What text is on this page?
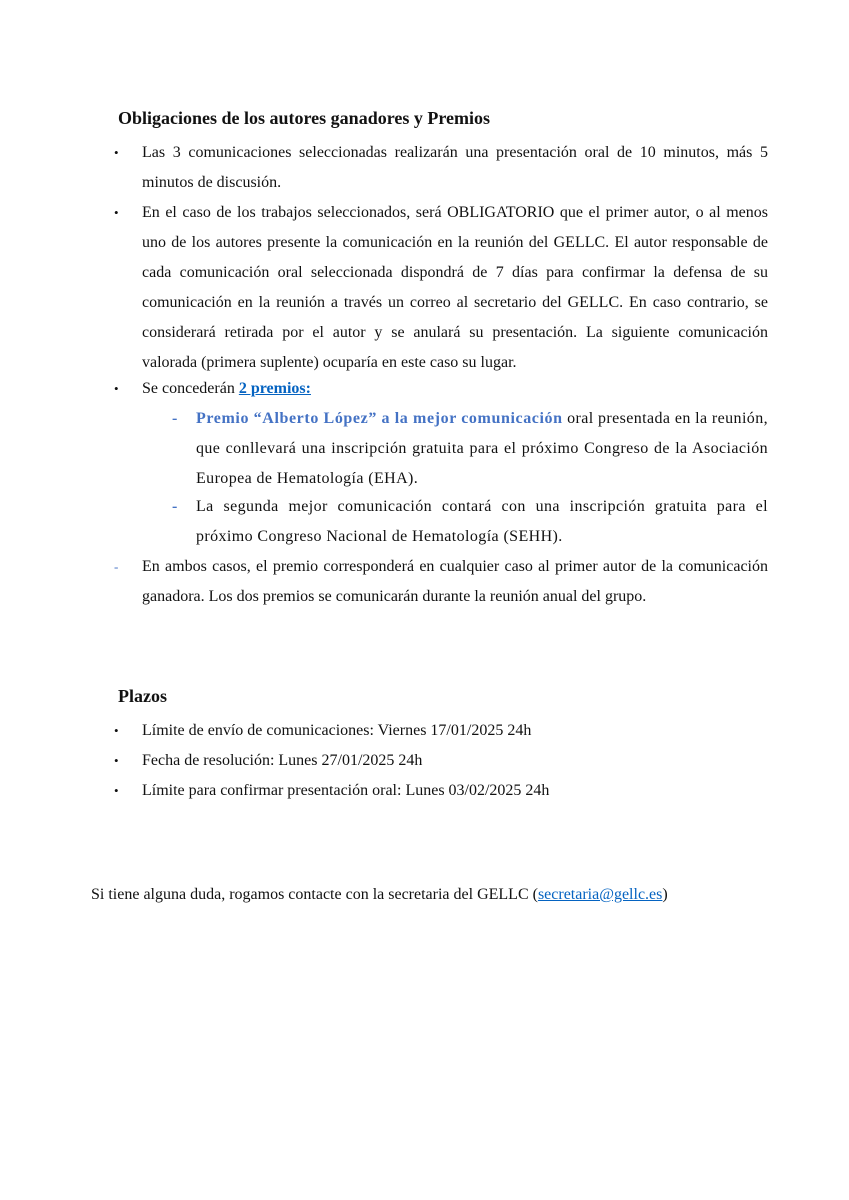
Obligaciones de los autores ganadores y Premios
• Las 3 comunicaciones seleccionadas realizarán una presentación oral de 10 minutos, más 5 minutos de discusión.
• En el caso de los trabajos seleccionados, será OBLIGATORIO que el primer autor, o al menos uno de los autores presente la comunicación en la reunión del GELLC. El autor responsable de cada comunicación oral seleccionada dispondrá de 7 días para confirmar la defensa de su comunicación en la reunión a través un correo al secretario del GELLC. En caso contrario, se considerará retirada por el autor y se anulará su presentación. La siguiente comunicación valorada (primera suplente) ocuparía en este caso su lugar.
• Se concederán 2 premios:
- Premio “Alberto López” a la mejor comunicación oral presentada en la reunión, que conllevará una inscripción gratuita para el próximo Congreso de la Asociación Europea de Hematología (EHA).
- La segunda mejor comunicación contará con una inscripción gratuita para el próximo Congreso Nacional de Hematología (SEHH).
- En ambos casos, el premio corresponderá en cualquier caso al primer autor de la comunicación ganadora. Los dos premios se comunicarán durante la reunión anual del grupo.
Plazos
• Límite de envío de comunicaciones: Viernes 17/01/2025 24h
• Fecha de resolución: Lunes 27/01/2025 24h
• Límite para confirmar presentación oral: Lunes 03/02/2025 24h
Si tiene alguna duda, rogamos contacte con la secretaria del GELLC (secretaria@gellc.es)
